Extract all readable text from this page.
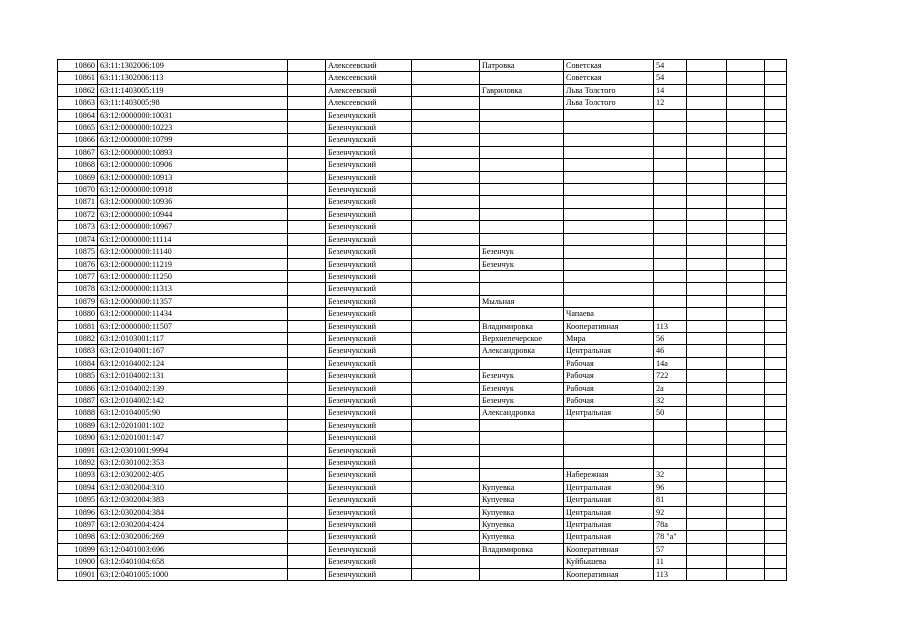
10860	63:11:1302006:109		Алексеевский		Патровка	Советская	54			
10861	63:11:1302006:113		Алексеевский			Советская	54			
10862	63:11:1403005:119		Алексеевский		Гавриловка	Льва Толстого	14			
10863	63:11:1403005:98		Алексеевский			Льва Толстого	12			
10864	63:12:0000000:10031		Безенчукский							
10865	63:12:0000000:10223		Безенчукский							
10866	63:12:0000000:10799		Безенчукский							
10867	63:12:0000000:10893		Безенчукский							
10868	63:12:0000000:10906		Безенчукский							
10869	63:12:0000000:10913		Безенчукский							
10870	63:12:0000000:10918		Безенчукский							
10871	63:12:0000000:10936		Безенчукский							
10872	63:12:0000000:10944		Безенчукский							
10873	63:12:0000000:10967		Безенчукский							
10874	63:12:0000000:11114		Безенчукский							
10875	63:12:0000000:11140		Безенчукский		Безенчук					
10876	63:12:0000000:11219		Безенчукский		Безенчук					
10877	63:12:0000000:11250		Безенчукский							
10878	63:12:0000000:11313		Безенчукский							
10879	63:12:0000000:11357		Безенчукский		Мыльная					
10880	63:12:0000000:11434		Безенчукский			Чапаева				
10881	63:12:0000000:11507		Безенчукский		Владимировка	Кооперативная	113			
10882	63:12:0103001:117		Безенчукский		Верхнепечерское	Мира	56			
10883	63:12:0104001:167		Безенчукский		Александровка	Центральная	46			
10884	63:12:0104002:124		Безенчукский			Рабочая	14а			
10885	63:12:0104002:131		Безенчукский		Безенчук	Рабочая	722			
10886	63:12:0104002:139		Безенчукский		Безенчук	Рабочая	2а			
10887	63:12:0104002:142		Безенчукский		Безенчук	Рабочая	32			
10888	63:12:0104005:90		Безенчукский		Александровка	Центральная	50			
10889	63:12:0201001:102		Безенчукский							
10890	63:12:0201001:147		Безенчукский							
10891	63:12:0301001:9994		Безенчукский							
10892	63:12:0301002:353		Безенчукский							
10893	63:12:0302002:405		Безенчукский			Набережная	32			
10894	63:12:0302004:310		Безенчукский		Купуевка	Центральная	96			
10895	63:12:0302004:383		Безенчукский		Купуевка	Центральная	81			
10896	63:12:0302004:384		Безенчукский		Купуевка	Центральная	92			
10897	63:12:0302004:424		Безенчукский		Купуевка	Центральная	78а			
10898	63:12:0302006:269		Безенчукский		Купуевка	Центральная	78 "а"			
10899	63:12:0401003:696		Безенчукский		Владимировка	Кооперативная	57			
10900	63:12:0401004:658		Безенчукский			Куйбышева	11			
10901	63:12:0401005:1000		Безенчукский			Кооперативная	113			
